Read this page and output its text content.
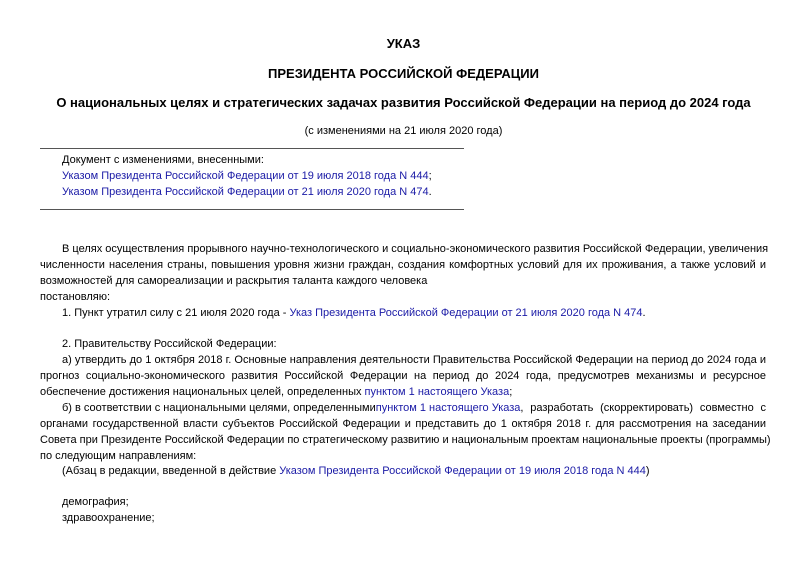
УКАЗ
ПРЕЗИДЕНТА РОССИЙСКОЙ ФЕДЕРАЦИИ
О национальных целях и стратегических задачах развития Российской Федерации на период до 2024 года
(с изменениями на 21 июля 2020 года)
Документ с изменениями, внесенными:
Указом Президента Российской Федерации от 19 июля 2018 года N 444;
Указом Президента Российской Федерации от 21 июля 2020 года N 474.
В целях осуществления прорывного научно-технологического и социально-экономического развития Российской Федерации, увеличения
численности населения страны, повышения уровня жизни граждан, создания комфортных условий для их проживания, а также условий и
возможностей для самореализации и раскрытия таланта каждого человека
постановляю:
1. Пункт утратил силу с 21 июля 2020 года - Указ Президента Российской Федерации от 21 июля 2020 года N 474.
2. Правительству Российской Федерации:
а) утвердить до 1 октября 2018 г. Основные направления деятельности Правительства Российской Федерации на период до 2024 года и
прогноз социально-экономического развития Российской Федерации на период до 2024 года, предусмотрев механизмы и ресурсное
обеспечение достижения национальных целей, определенных пунктом 1 настоящего Указа;
б) в соответствии с национальными целями, определенными пунктом 1 настоящего Указа , разработать (скорректировать) совместно с
органами государственной власти субъектов Российской Федерации и представить до 1 октября 2018 г. для рассмотрения на заседании
Совета при Президенте Российской Федерации по стратегическому развитию и национальным проектам национальные проекты (программы)
по следующим направлениям:
(Абзац в редакции, введенной в действие Указом Президента Российской Федерации от 19 июля 2018 года N 444)
демография;
здравоохранение;
